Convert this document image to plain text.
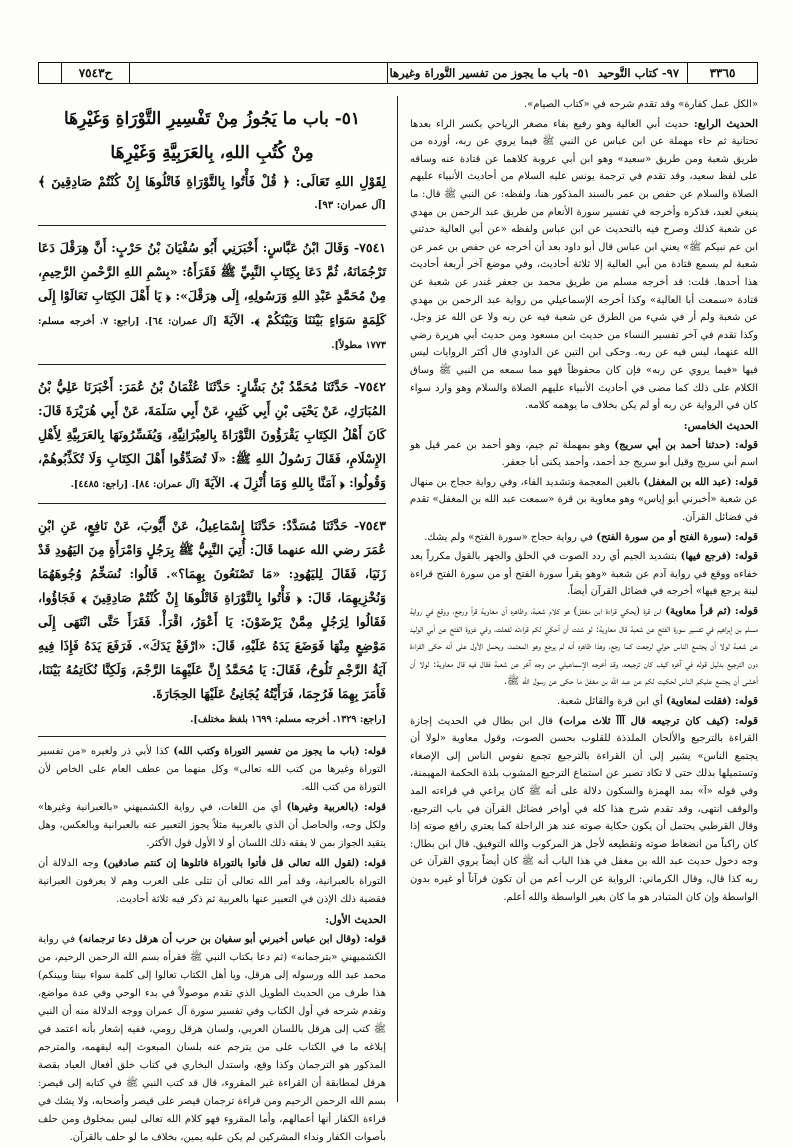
٣٣٦٥
٩٧- كتاب التَّوحيد

٥١- باب ما يجوز من تفسير التَّوراة وغيرها
ح٧٥٤٣

«الكل عمل كفارة» وقد تقدم شرحه في «كتاب الصيام».

الحديث الرابع: حديث أبي العالية وهو رفيع بفاء مصغر الرياحي بكسر الراء بعدها تحتانية ثم حاء مهملة عن ابن عباس عن النبي ﷺ فيما يروي عن ربه، أورده من طريق شعبة ومن طريق «سعيد» وهو ابن أبي عروبة كلاهما عن قتادة عنه وساقه على لفظ سعيد، وقد تقدم في ترجمة يونس عليه السلام من أحاديث الأنبياء عليهم الصلاة والسلام عن حفص بن عمر بالسند المذكور هنا، ولفظه: عن النبي ﷺ قال: ما ينبغي لعبد، فذكره وأخرجه في تفسير سورة الأنعام من طريق عبد الرحمن بن مهدي عن شعبة كذلك وصرح فيه بالتحديث عن ابن عباس ولفظه «عن أبي العالية حدثني ابن عم نبيكم ﷺ» يعني ابن عباس قال أبو داود بعد أن أخرجه عن حفص بن عمر عن شعبة لم يسمع قتادة من أبي العالية إلا ثلاثة أحاديث، وفي موضع آخر أربعة أحاديث هذا أحدها. قلت: قد أخرجه مسلم من طريق محمد بن جعفر غندر عن شعبة عن قتادة «سمعت أبا العالية» وكذا أخرجه الإسماعيلي من رواية عبد الرحمن بن مهدي عن شعبة ولم أر في شيء من الطرق عن شعبة فيه عن ربه ولا عن الله عز وجل، وكذا تقدم في آخر تفسير النساء من حديث ابن مسعود ومن حديث أبي هريرة رضي الله عنهما، ليس فيه عن ربه. وحكى ابن التين عن الداودي قال أكثر الروايات ليس فيها «فيما يروي عن ربه» فإن كان محفوظاً فهو مما سمعه من النبي ﷺ وساق الكلام على ذلك كما مضى في أحاديث الأنبياء عليهم الصلاة والسلام وهو وارد سواء كان في الرواية عن ربه أو لم يكن بخلاف ما يوهمه كلامه.

الحديث الخامس:

قوله: (حدثنا أحمد بن أبي سريج) وهو بمهملة ثم جيم، وهو أحمد بن عمر قيل هو اسم أبي سريج وقيل أبو سريج جد أحمد، وأحمد يكنى أبا جعفر.

قوله: (عبد الله بن المغفل) بالغين المعجمة وتشديد الفاء، وفي رواية حجاج بن منهال عن شعبة «أخبرني أبو إياس» وهو معاوية بن قرة «سمعت عبد الله بن المغفل» تقدم في فضائل القرآن.

قوله: (سورة الفتح أو من سورة الفتح) في رواية حجاج «سورة الفتح» ولم يشك.

قوله: (فرجع فيها) بتشديد الجيم أي ردد الصوت في الحلق والجهر بالقول مكرراً بعد خفاءه ووقع في رواية آدم عن شعبة «وهو يقرأ سورة الفتح أو من سورة الفتح قراءة لينة يرجع فيها» أخرجه في فضائل القرآن أيضاً.

قوله: (ثم قرأ معاوية) ابن قرة (يحكي قراءة ابن مغفل) هو كلام شعبة، وظاهره أن معاوية قرأ ورجع، ووقع في رواية مسلم بن إبراهيم في تفسير سورة الفتح عن شعبة قال معاوية: لو شئت أن أحكي لكم قراءته لفعلت، وفي غزوة الفتح عن أبي الوليد عن شعبة لولا أن يجتمع الناس حولي لرجعت كما رجع، وهذا ظاهره أنه لم يرجع وهو المعتمد، ويحمل الأول على أنه حكى القراءة دون الترجيع بدليل قوله في آخره كيف كان ترجيعه، وقد أخرجه الإسماعيلي من وجه آخر عن شعبة فقال فيه قال معاوية: لولا أن أخشى أن يجتمع عليكم الناس لحكيت لكم عن عبد الله بن مغفل ما حكى عن رسول الله ﷺ.

قوله: (فقلت لمعاوية) أي ابن قرة والقائل شعبة.

قوله: (كيف كان ترجيعه قال آآآ ثلاث مرات) قال ابن بطال في الحديث إجازة القراءة بالترجيع والألحان الملذذة للقلوب بحسن الصوت، وقول معاوية «لولا أن يجتمع الناس» يشير إلى أن القراءة بالترجيع تجمع نفوس الناس إلى الإصغاء وتستميلها بذلك حتى لا تكاد تصبر عن استماع الترجيع المشوب بلذة الحكمة المهيمنة، وفي قوله «آ» بمد الهمزة والسكون دلالة على أنه ﷺ كان يراعي في قراءته المد والوقف انتهى، وقد تقدم شرح هذا كله في أواخر فضائل القرآن في باب الترجيع، وقال القرطبي يحتمل أن يكون حكاية صوته عند هز الراحلة كما يعتري رافع صوته إذا كان راكباً من انضغاط صوته وتقطيعه لأجل هز المركوب والله التوفيق. قال ابن بطال: وجه دخول حديث عبد الله بن مغفل في هذا الباب أنه ﷺ كان أيضاً يروي القرآن عن ربه كذا قال، وقال الكرماني: الرواية عن الرب أعم من أن تكون قرآناً أو غيره بدون الواسطة وإن كان المتبادر هو ما كان بغير الواسطة والله أعلم.

٥١- باب ما يَجُوزُ مِنْ تَفْسِيرِ التَّوْرَاةِ وَغَيْرِهَا
مِنْ كُتُبِ اللهِ، بِالعَرَبِيَّةِ وَغَيْرِهَا

لِقَوْلِ اللهِ تَعَالَى: ﴿ قُلْ فَأْتُوا بِالتَّوْرَاةِ فَاتْلُوهَا إِنْ كُنْتُمْ صَادِقِينَ ﴾ [آل عمران: ٩٣].

٧٥٤١- وَقَالَ ابْنُ عَبَّاسٍ: أَخْبَرَنِي أَبُو سُفْيَانَ بْنُ حَرْبٍ: أَنَّ هِرَقْلَ دَعَا تَرْجُمَانَهُ، ثُمَّ دَعَا بِكِتَابِ النَّبِيِّ ﷺ فَقَرَأَهُ: «بِسْمِ اللهِ الرَّحْمنِ الرَّحِيمِ، مِنْ مُحَمَّدٍ عَبْدِ اللهِ وَرَسُولِهِ، إِلَى هِرَقْلَ»: ﴿ يَا أَهْلَ الكِتَابِ تَعَالَوْا إِلَى كَلِمَةٍ سَوَاءٍ بَيْنَنَا وَبَيْنَكُمْ ﴾. الآيَةَ [آل عمران: ٦٤]. [راجع: ٧. أخرجه مسلم: ١٧٧٣ مطولاً].

٧٥٤٢- حَدَّثَنَا مُحَمَّدُ بْنُ بَشَّارٍ: حَدَّثَنَا عُثْمَانُ بْنُ عُمَرَ: أَخْبَرَنَا عَلِيُّ بْنُ المُبَارَكِ، عَنْ يَحْيَى بْنِ أَبِي كَثِيرٍ، عَنْ أَبِي سَلَمَةَ، عَنْ أَبِي هُرَيْرَةَ قَالَ: كَانَ أَهْلُ الكِتَابِ يَقْرَؤُونَ التَّوْرَاةَ بِالعِبْرَانِيَّةِ، وَيُفَسِّرُونَهَا بِالعَرَبِيَّةِ لِأَهْلِ الإِسْلَامِ، فَقَالَ رَسُولُ اللهِ ﷺ: «لَا تُصَدِّقُوا أَهْلَ الكِتَابِ وَلَا تُكَذِّبُوهُمْ، وَقُولُوا: ﴿ آمَنَّا بِاللهِ وَمَا أُنْزِلَ ﴾. الآيَةَ [آل عمران: ٨٤]. [راجع: ٤٤٨٥].

٧٥٤٣- حَدَّثَنَا مُسَدَّدٌ: حَدَّثَنَا إِسْمَاعِيلُ، عَنْ أَيُّوبَ، عَنْ نَافِعٍ، عَنِ ابْنِ عُمَرَ رضي الله عنهما قَالَ: أُتِيَ النَّبِيُّ ﷺ بِرَجُلٍ وَامْرَأَةٍ مِنَ اليَهُودِ قَدْ زَنَيَا، فَقَالَ لِليَهُودِ: «مَا تَصْنَعُونَ بِهِمَا؟». قَالُوا: نُسَخِّمُ وُجُوهَهُمَا وَنُخْزِيهِمَا، قَالَ: ﴿ فَأْتُوا بِالتَّوْرَاةِ فَاتْلُوهَا إِنْ كُنْتُمْ صَادِقِينَ ﴾ فَجَاؤُوا، فَقَالُوا لِرَجُلٍ مِمَّنْ يَرْضَوْنَ: يَا أَعْوَرُ، اقْرَأْ. فَقَرَأَ حَتَّى انْتَهَى إِلَى مَوْضِعٍ مِنْهَا فَوَضَعَ يَدَهُ عَلَيْهِ، قَالَ: «ارْفَعْ يَدَكَ». فَرَفَعَ يَدَهُ فَإِذَا فِيهِ آيَةُ الرَّجْمِ تَلُوحُ، فَقَالَ: يَا مُحَمَّدُ إِنَّ عَلَيْهِمَا الرَّجْمَ، وَلَكِنَّا نُكَاتِمُهُ بَيْنَنَا، فَأَمَرَ بِهِمَا فَرُجِمَا، فَرَأَيْتُهُ يُجَانِئُ عَلَيْهَا الحِجَارَةَ.

[راجع: ١٣٢٩. أخرجه مسلم: ١٦٩٩ بلفظ مختلف].

قوله: (باب ما يجوز من تفسير التوراة وكتب الله) كذا لأبي ذر ولغيره «من تفسير التوراة وغيرها من كتب الله تعالى» وكل منهما من عطف العام على الخاص لأن التوراة من كتب الله.

قوله: (بالعربية وغيرها) أي من اللغات، في رواية الكشميهني «بالعبرانية وغيرها» ولكل وجه، والحاصل أن الذي بالعربية مثلاً يجوز التعبير عنه بالعبرانية وبالعكس، وهل يتقيد الجواز بمن لا يفقه ذلك اللسان أو لا الأول قول الأكثر.

قوله: (لقول الله تعالى قل فأتوا بالتوراة فاتلوها إن كنتم صادقين) وجه الدلالة أن التوراة بالعبرانية، وقد أمر الله تعالى أن تتلى على العرب وهم لا يعرفون العبرانية فقضية ذلك الإذن في التعبير عنها بالعربية ثم ذكر فيه ثلاثة أحاديث.

الحديث الأول:

قوله: (وقال ابن عباس أخبرني أبو سفيان بن حرب أن هرقل دعا ترجمانه) في رواية الكشميهني «بترجمانه» (ثم دعا بكتاب النبي ﷺ فقرأه بسم الله الرحمن الرحيم، من محمد عبد الله ورسوله إلى هرقل، ويا أهل الكتاب تعالوا إلى كلمة سواء بيننا وبينكم) هذا طرف من الحديث الطويل الذي تقدم موصولاً في بدء الوحي وفي عدة مواضع، وتقدم شرحه في أول الكتاب وفي تفسير سورة آل عمران ووجه الدلالة منه أن النبي ﷺ كتب إلى هرقل باللسان العربي، ولسان هرقل رومي، ففيه إشعار بأنه اعتمد في إبلاغه ما في الكتاب على من يترجم عنه بلسان المبعوث إليه ليفهمه، والمترجم المذكور هو الترجمان وكذا وقع، واستدل البخاري في كتاب خلق أفعال العباد بقصة هرقل لمطابقة أن القراءة غير المقروء، قال قد كتب النبي ﷺ في كتابه إلى قيصر: بسم الله الرحمن الرحيم ومن قراءة ترجمان قيصر على قيصر وأصحابه، ولا يشك في قراءة الكفار أنها أعمالهم، وأما المقروء فهو كلام الله تعالى ليس بمخلوق ومن حلف بأصوات الكفار ونداء المشركين لم يكن عليه يمين، بخلاف ما لو حلف بالقرآن.
